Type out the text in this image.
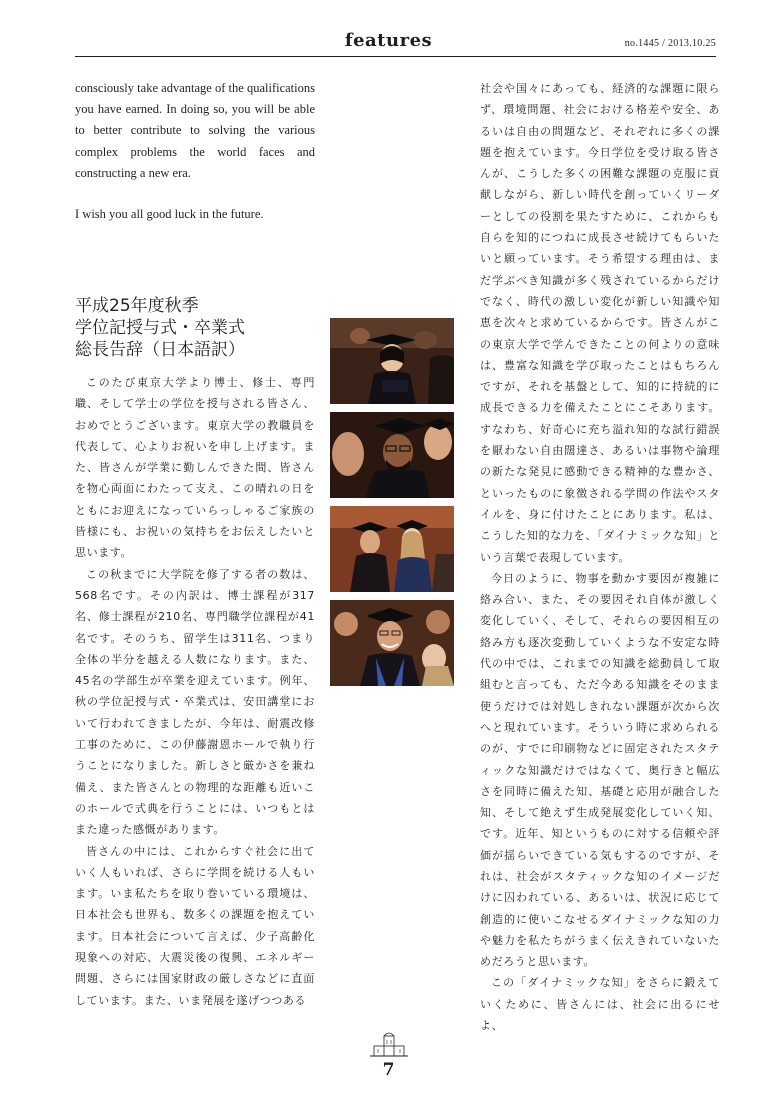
features	no.1445 / 2013.10.25

consciously take advantage of the qualifications you have earned. In doing so, you will be able to better contribute to solving the various complex problems the world faces and constructing a new era.

I wish you all good luck in the future.

平成25年度秋季
学位記授与式・卒業式
総長告辞（日本語訳）

このたび東京大学より博士、修士、専門職、そして学士の学位を授与される皆さん、おめでとうございます。東京大学の教職員を代表して、心よりお祝いを申し上げます。また、皆さんが学業に勤しんできた間、皆さんを物心両面にわたって支え、この晴れの日をともにお迎えになっていらっしゃるご家族の皆様にも、お祝いの気持ちをお伝えしたいと思います。

この秋までに大学院を修了する者の数は、568名です。その内訳は、博士課程が317名、修士課程が210名、専門職学位課程が41名です。そのうち、留学生は311名、つまり全体の半分を越える人数になります。また、45名の学部生が卒業を迎えています。例年、秋の学位記授与式・卒業式は、安田講堂において行われてきましたが、今年は、耐震改修工事のために、この伊藤謝恩ホールで執り行うことになりました。新しさと厳かさを兼ね備え、また皆さんとの物理的な距離も近いこのホールで式典を行うことには、いつもとはまた違った感慨があります。

皆さんの中には、これからすぐ社会に出ていく人もいれば、さらに学問を続ける人もいます。いま私たちを取り巻いている環境は、日本社会も世界も、数多くの課題を抱えています。日本社会について言えば、少子高齢化現象への対応、大震災後の復興、エネルギー問題、さらには国家財政の厳しさなどに直面しています。また、いま発展を遂げつつある

社会や国々にあっても、経済的な課題に限らず、環境問題、社会における格差や安全、あるいは自由の問題など、それぞれに多くの課題を抱えています。今日学位を受け取る皆さんが、こうした多くの困難な課題の克服に貢献しながら、新しい時代を創っていくリーダーとしての役割を果たすために、これからも自らを知的につねに成長させ続けてもらいたいと願っています。そう希望する理由は、まだ学ぶべき知識が多く残されているからだけでなく、時代の激しい変化が新しい知識や知恵を次々と求めているからです。皆さんがこの東京大学で学んできたことの何よりの意味は、豊富な知識を学び取ったことはもちろんですが、それを基盤として、知的に持続的に成長できる力を備えたことにこそあります。すなわち、好奇心に充ち溢れ知的な試行錯誤を厭わない自由闊達さ、あるいは事物や論理の新たな発見に感動できる精神的な豊かさ、といったものに象徴される学問の作法やスタイルを、身に付けたことにあります。私は、こうした知的な力を、「ダイナミックな知」という言葉で表現しています。

今日のように、物事を動かす要因が複雑に絡み合い、また、その要因それ自体が激しく変化していく、そして、それらの要因相互の絡み方も逐次変動していくような不安定な時代の中では、これまでの知識を総動員して取組むと言っても、ただ今ある知識をそのまま使うだけでは対処しきれない課題が次から次へと現れています。そういう時に求められるのが、すでに印刷物などに固定されたスタティックな知識だけではなくて、奥行きと幅広さを同時に備えた知、基礎と応用が融合した知、そして絶えず生成発展変化していく知、です。近年、知というものに対する信頼や評価が揺らいできている気もするのですが、それは、社会がスタティックな知のイメージだけに囚われている、あるいは、状況に応じて創造的に使いこなせるダイナミックな知の力や魅力を私たちがうまく伝えきれていないためだろうと思います。

この「ダイナミックな知」をさらに鍛えていくために、皆さんには、社会に出るにせよ、

7
